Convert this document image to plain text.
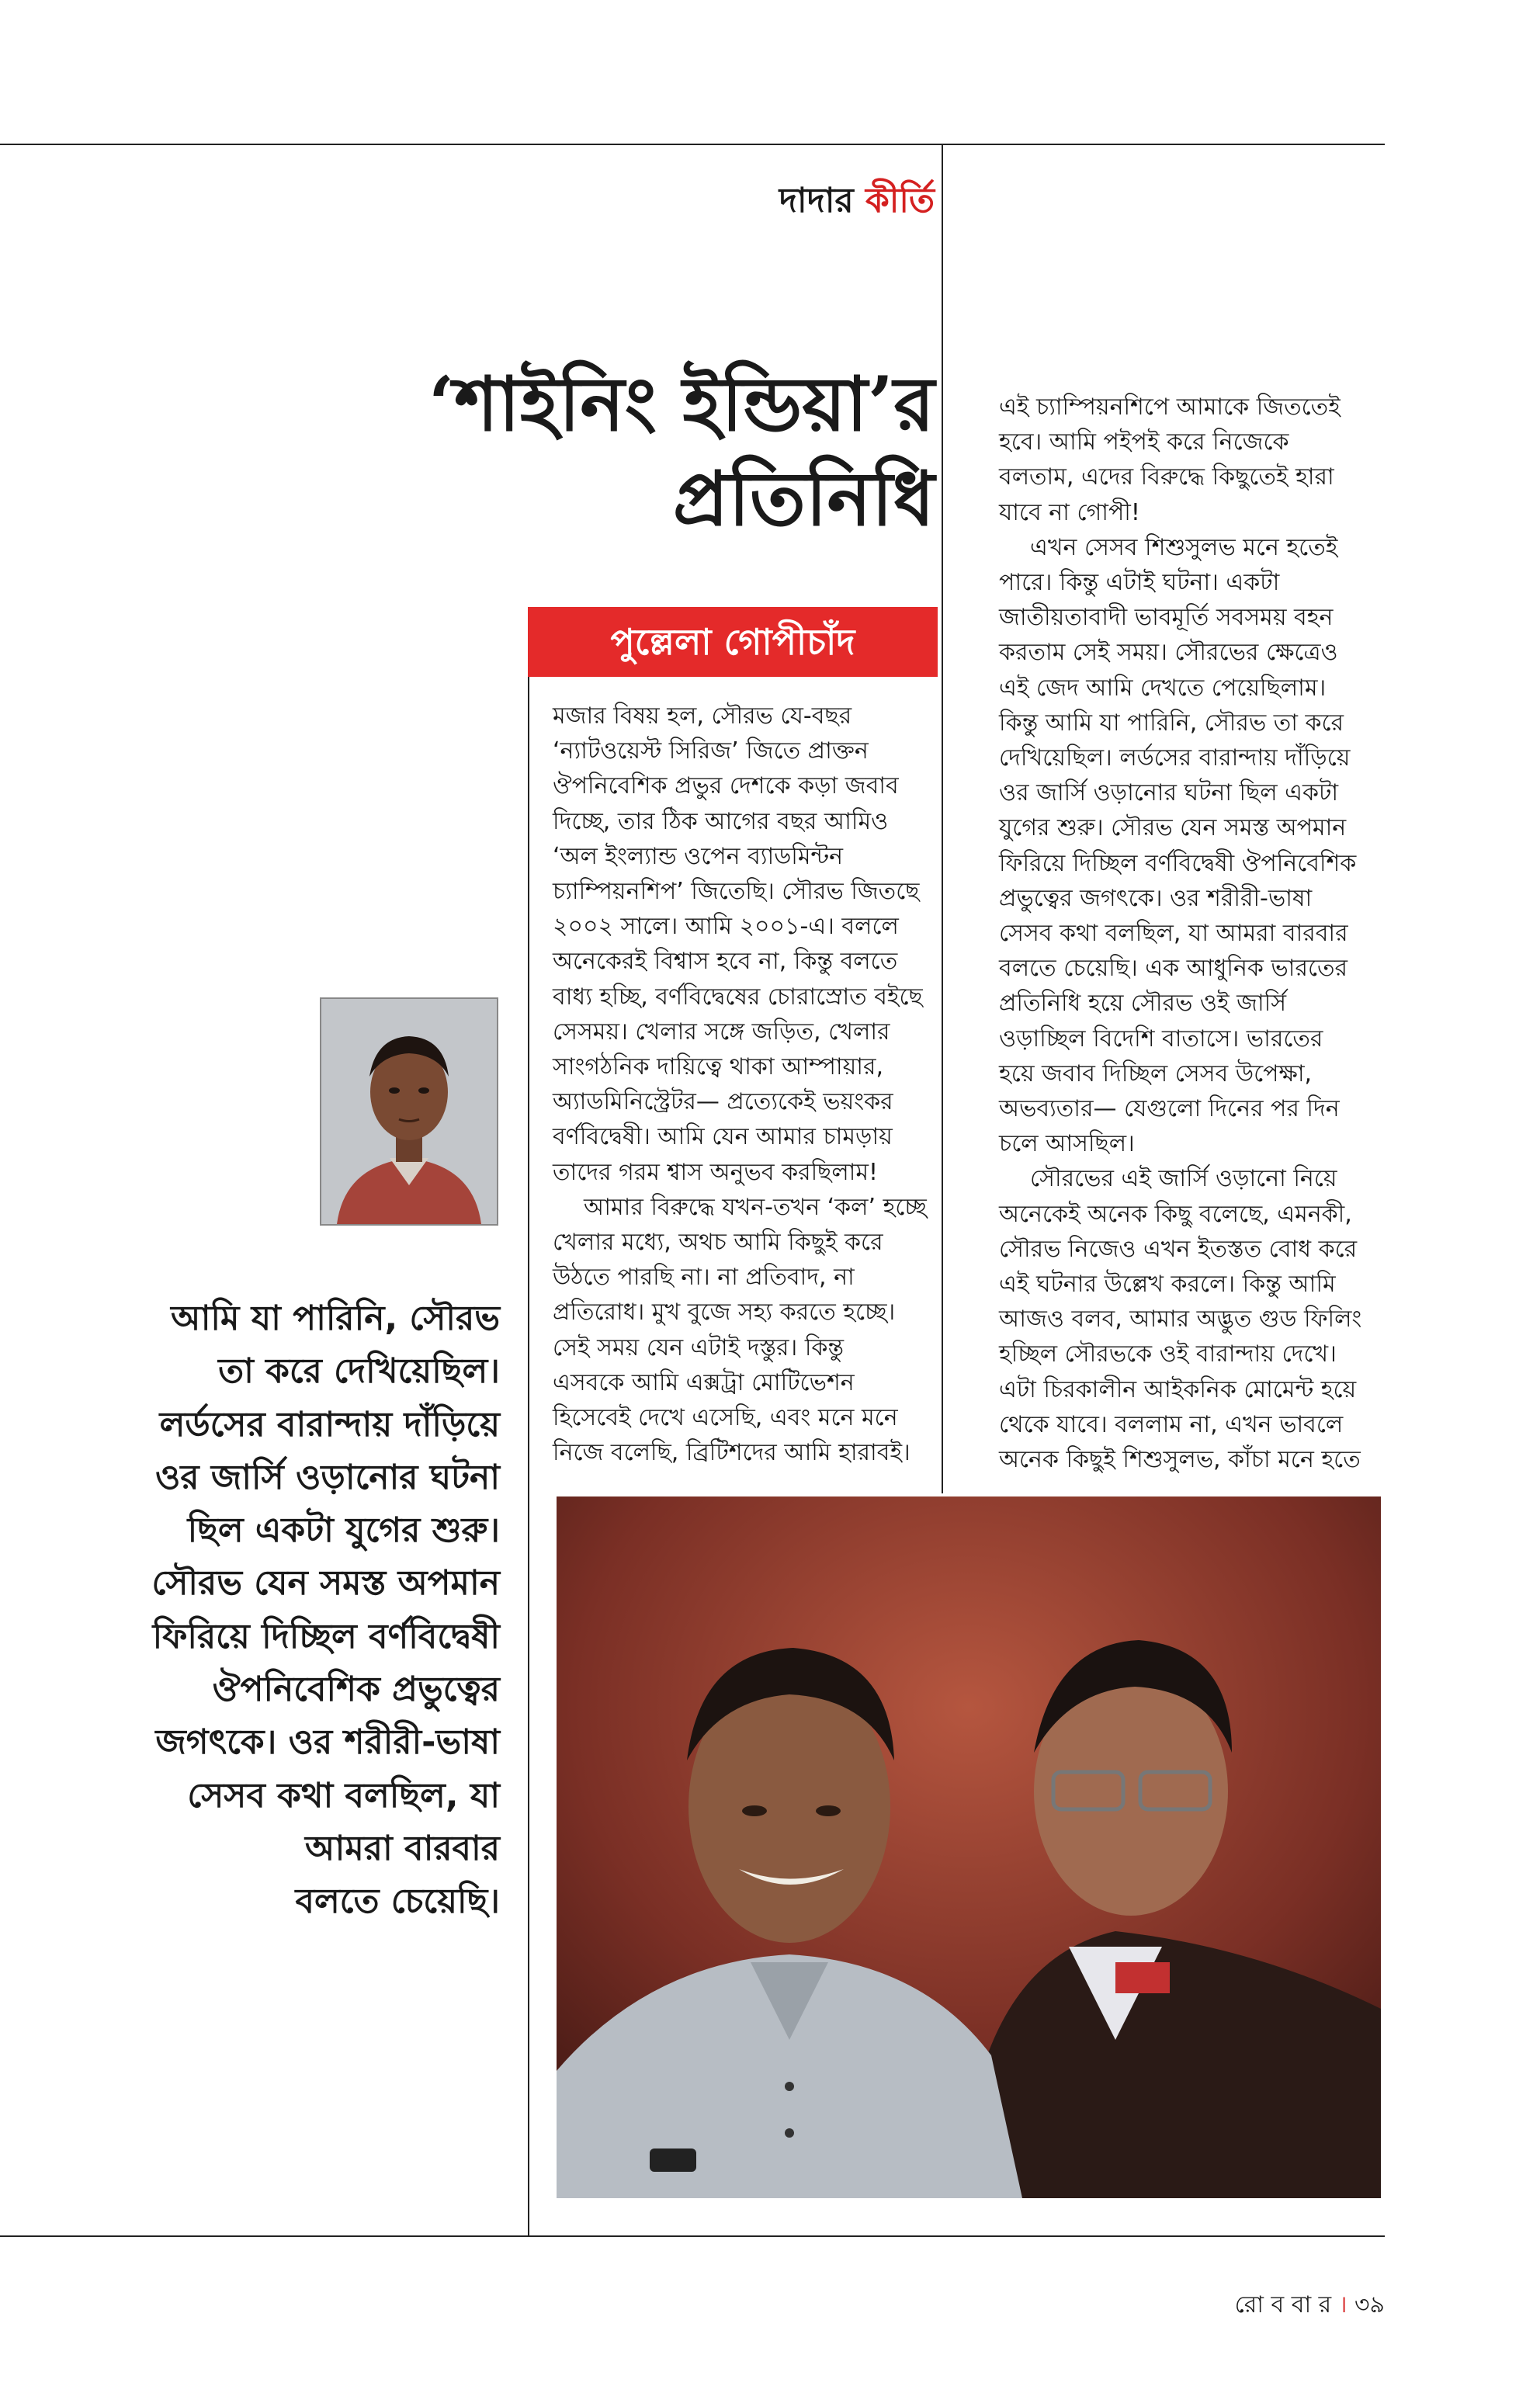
দাদার কীর্তি
‘শাইনিং ইন্ডিয়া’র
প্রতিনিধি
পুল্লেলা গোপীচাঁদ

মজার বিষয় হল, সৌরভ যে-বছর

‘ন্যাটওয়েস্ট সিরিজ’ জিতে প্রাক্তন

ঔপনিবেশিক প্রভুর দেশকে কড়া জবাব

দিচ্ছে, তার ঠিক আগের বছর আমিও

‘অল ইংল্যান্ড ওপেন ব্যাডমিন্টন

চ্যাম্পিয়নশিপ’ জিতেছি। সৌরভ জিতছে

২০০২ সালে। আমি ২০০১-এ। বললে

অনেকেরই বিশ্বাস হবে না, কিন্তু বলতে

বাধ্য হচ্ছি, বর্ণবিদ্বেষের চোরাস্রোত বইছে

সেসময়। খেলার সঙ্গে জড়িত, খেলার

সাংগঠনিক দায়িত্বে থাকা আম্পায়ার,

অ্যাডমিনিস্ট্রেটর— প্রত্যেকেই ভয়ংকর

বর্ণবিদ্বেষী। আমি যেন আমার চামড়ায়

তাদের গরম শ্বাস অনুভব করছিলাম!

আমার বিরুদ্ধে যখন-তখন ‘কল’ হচ্ছে

খেলার মধ্যে, অথচ আমি কিছুই করে

উঠতে পারছি না। না প্রতিবাদ, না

প্রতিরোধ। মুখ বুজে সহ্য করতে হচ্ছে।

সেই সময় যেন এটাই দস্তুর। কিন্তু

এসবকে আমি এক্সট্রা মোটিভেশন

হিসেবেই দেখে এসেছি, এবং মনে মনে

নিজে বলেছি, ব্রিটিশদের আমি হারাবই।

এই চ্যাম্পিয়নশিপে আমাকে জিততেই

হবে। আমি পইপই করে নিজেকে

বলতাম, এদের বিরুদ্ধে কিছুতেই হারা

যাবে না গোপী!

এখন সেসব শিশুসুলভ মনে হতেই

পারে। কিন্তু এটাই ঘটনা। একটা

জাতীয়তাবাদী ভাবমূর্তি সবসময় বহন

করতাম সেই সময়। সৌরভের ক্ষেত্রেও

এই জেদ আমি দেখতে পেয়েছিলাম।

কিন্তু আমি যা পারিনি, সৌরভ তা করে

দেখিয়েছিল। লর্ডসের বারান্দায় দাঁড়িয়ে

ওর জার্সি ওড়ানোর ঘটনা ছিল একটা

যুগের শুরু। সৌরভ যেন সমস্ত অপমান

ফিরিয়ে দিচ্ছিল বর্ণবিদ্বেষী ঔপনিবেশিক

প্রভুত্বের জগৎকে। ওর শরীরী-ভাষা

সেসব কথা বলছিল, যা আমরা বারবার

বলতে চেয়েছি। এক আধুনিক ভারতের

প্রতিনিধি হয়ে সৌরভ ওই জার্সি

ওড়াচ্ছিল বিদেশি বাতাসে। ভারতের

হয়ে জবাব দিচ্ছিল সেসব উপেক্ষা,

অভব্যতার— যেগুলো দিনের পর দিন

চলে আসছিল।

সৌরভের এই জার্সি ওড়ানো নিয়ে

অনেকেই অনেক কিছু বলেছে, এমনকী,

সৌরভ নিজেও এখন ইতস্তত বোধ করে

এই ঘটনার উল্লেখ করলে। কিন্তু আমি

আজও বলব, আমার অদ্ভুত গুড ফিলিং

হচ্ছিল সৌরভকে ওই বারান্দায় দেখে।

এটা চিরকালীন আইকনিক মোমেন্ট হয়ে

থেকে যাবে। বললাম না, এখন ভাবলে

অনেক কিছুই শিশুসুলভ, কাঁচা মনে হতে

আমি যা পারিনি, সৌরভ
তা করে দেখিয়েছিল।
লর্ডসের বারান্দায় দাঁড়িয়ে
ওর জার্সি ওড়ানোর ঘটনা
ছিল একটা যুগের শুরু।
সৌরভ যেন সমস্ত অপমান
ফিরিয়ে দিচ্ছিল বর্ণবিদ্বেষী
ঔপনিবেশিক প্রভুত্বের
জগৎকে। ওর শরীরী-ভাষা
সেসব কথা বলছিল, যা
আমরা বারবার
বলতে চেয়েছি।
রো ব বা র । ৩৯
